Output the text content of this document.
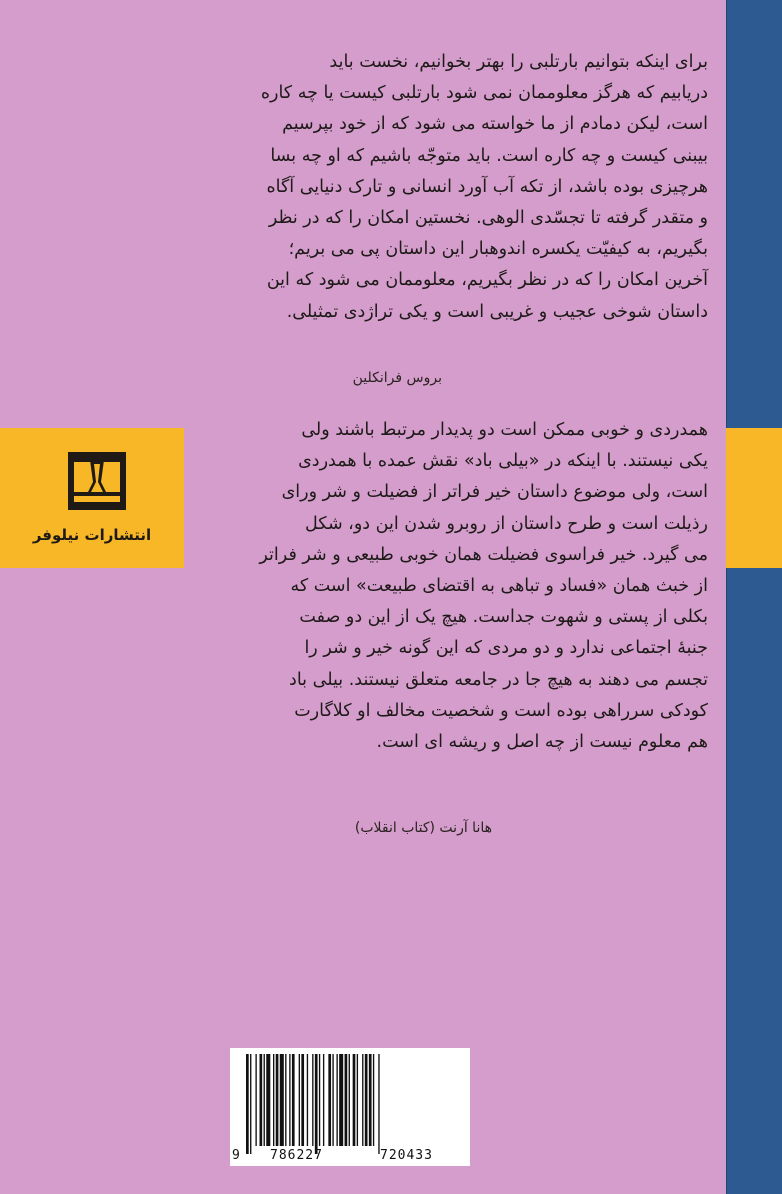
انتشارات نیلوفر
برای اینکه بتوانیم بارتلبی را بهتر بخوانیم، نخست باید
دریابیم که هرگز معلوممان نمی شود بارتلبی کیست یا چه کاره
است، لیکن دمادم از ما خواسته می شود که از خود بپرسیم
بیبنی کیست و چه کاره است. باید متوجّه باشیم که او چه بسا
هرچیزی بوده باشد، از تکه آب آورد انسانی و تارک دنیایی آگاه
و متقدر گرفته تا تجسّدی الوهی. نخستین امکان را که در نظر
بگیریم، به کیفیّت یکسره اندوهبار این داستان پی می بریم؛
آخرین امکان را که در نظر بگیریم، معلوممان می شود که این
داستان شوخی عجیب و غریبی است و یکی تراژدی تمثیلی.
بروس فرانکلین
همدردی و خوبی ممکن است دو پدیدار مرتبط باشند ولی
یکی نیستند. با اینکه در «بیلی باد» نقش عمده با همدردی
است، ولی موضوع داستان خیر فراتر از فضیلت و شر ورای
رذیلت است و طرح داستان از روبرو شدن این دو، شکل
می گیرد. خیر فراسوی فضیلت همان خوبی طبیعی و شر فراتر
از خبث همان «فساد و تباهی به اقتضای طبیعت» است که
بکلی از پستی و شهوت جداست. هیچ یک از این دو صفت
جنبهٔ اجتماعی ندارد و دو مردی که این گونه خیر و شر را
تجسم می دهند به هیچ جا در جامعه متعلق نیستند. بیلی باد
کودکی سرراهی بوده است و شخصیت مخالف او کلاگارت
هم معلوم نیست از چه اصل و ریشه ای است.
هانا آرنت (کتاب انقلاب)
9 786227	720433
